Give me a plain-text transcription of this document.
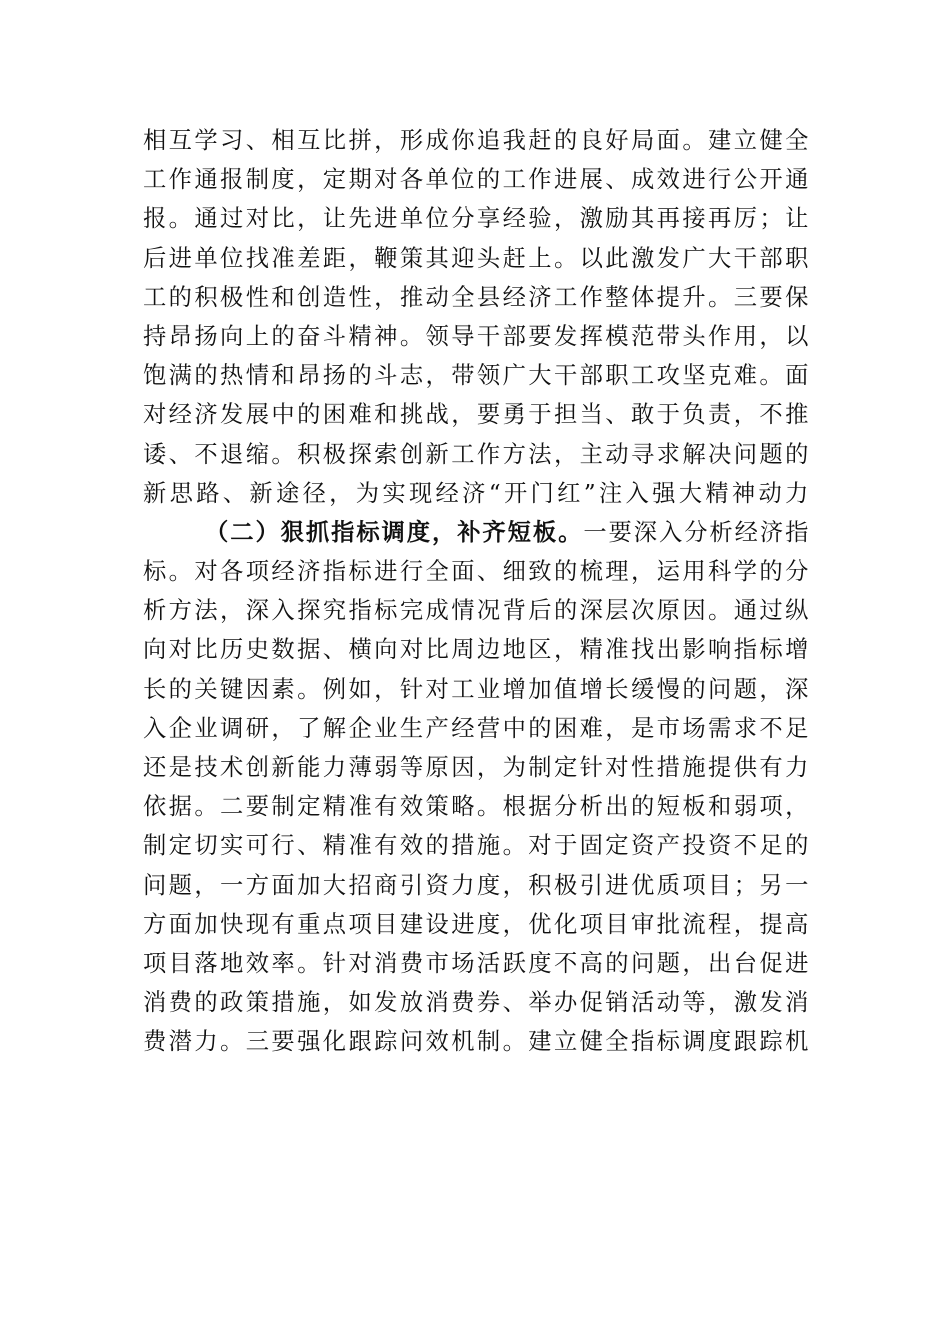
相互学习、相互比拼，形成你追我赶的良好局面。建立健全
工作通报制度，定期对各单位的工作进展、成效进行公开通
报。通过对比，让先进单位分享经验，激励其再接再厉；让
后进单位找准差距，鞭策其迎头赶上。以此激发广大干部职
工的积极性和创造性，推动全县经济工作整体提升。三要保
持昂扬向上的奋斗精神。领导干部要发挥模范带头作用，以
饱满的热情和昂扬的斗志，带领广大干部职工攻坚克难。面
对经济发展中的困难和挑战，要勇于担当、敢于负责，不推
诿、不退缩。积极探索创新工作方法，主动寻求解决问题的
新思路、新途径，为实现经济“开门红”注入强大精神动力
（二）狠抓指标调度，补齐短板。一要深入分析经济指
标。对各项经济指标进行全面、细致的梳理，运用科学的分
析方法，深入探究指标完成情况背后的深层次原因。通过纵
向对比历史数据、横向对比周边地区，精准找出影响指标增
长的关键因素。例如，针对工业增加值增长缓慢的问题，深
入企业调研，了解企业生产经营中的困难，是市场需求不足
还是技术创新能力薄弱等原因，为制定针对性措施提供有力
依据。二要制定精准有效策略。根据分析出的短板和弱项，
制定切实可行、精准有效的措施。对于固定资产投资不足的
问题，一方面加大招商引资力度，积极引进优质项目；另一
方面加快现有重点项目建设进度，优化项目审批流程，提高
项目落地效率。针对消费市场活跃度不高的问题，出台促进
消费的政策措施，如发放消费券、举办促销活动等，激发消
费潜力。三要强化跟踪问效机制。建立健全指标调度跟踪机
